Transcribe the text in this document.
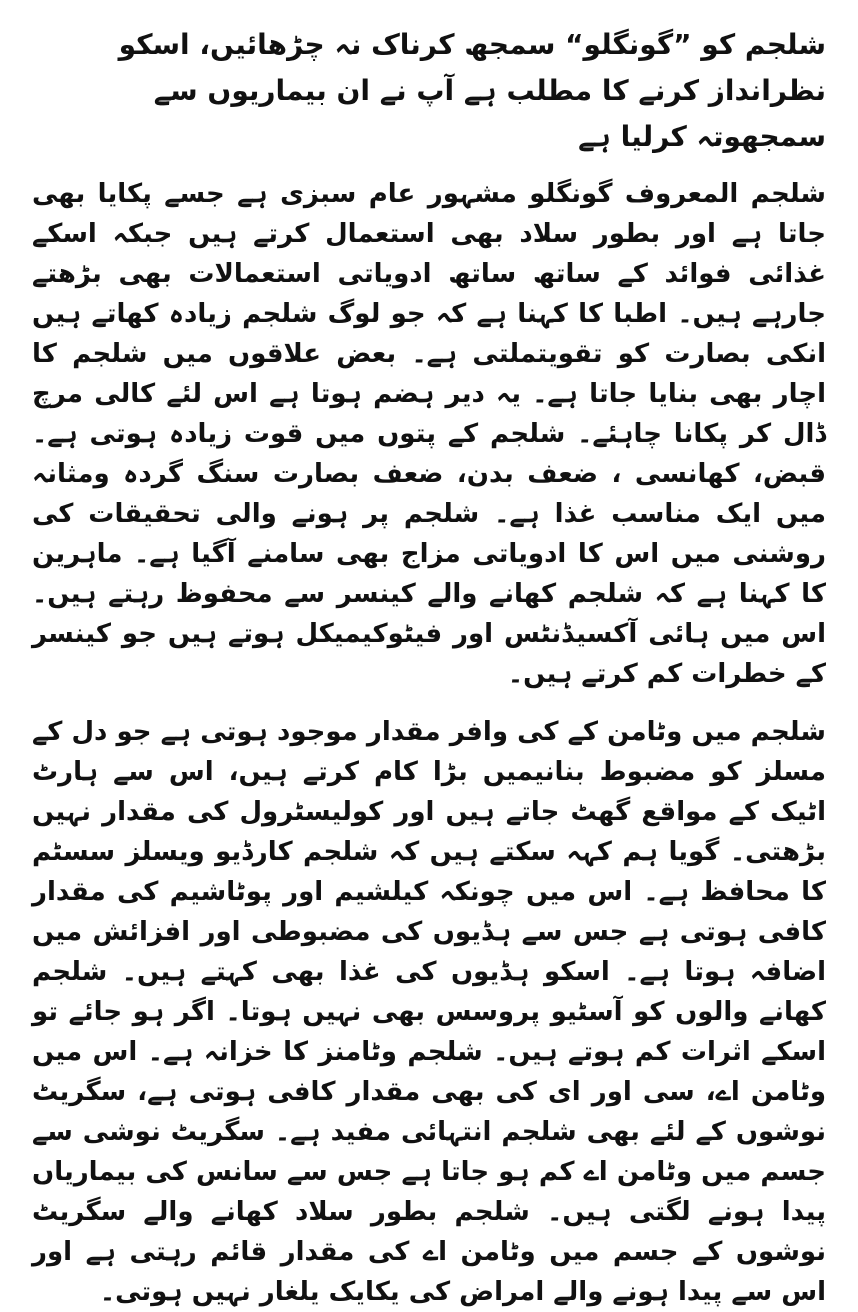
شلجم کو ”گونگلو“ سمجھ کرناک نہ چڑھائیں، اسکو نظرانداز کرنے کا مطلب ہے آپ نے ان بیماریوں سے سمجھوتہ کرلیا ہے

شلجم المعروف گونگلو مشہور عام سبزی ہے جسے پکایا بھی جاتا ہے اور بطور سلاد بھی استعمال کرتے ہیں جبکہ اسکے غذائی فوائد کے ساتھ ساتھ ادویاتی استعمالات بھی بڑھتے جارہے ہیں۔ اطبا کا کہنا ہے کہ جو لوگ شلجم زیادہ کھاتے ہیں انکی بصارت کو تقویتملتی ہے۔ بعض علاقوں میں شلجم کا اچار بھی بنایا جاتا ہے۔ یہ دیر ہضم ہوتا ہے اس لئے کالی مرچ ڈال کر پکانا چاہئے۔ شلجم کے پتوں میں قوت زیادہ ہوتی ہے۔ قبض، کھانسی ، ضعف بدن، ضعف بصارت سنگ گردہ ومثانہ میں ایک مناسب غذا ہے۔ شلجم پر ہونے والی تحقیقات کی روشنی میں اس کا ادویاتی مزاج بھی سامنے آگیا ہے۔ ماہرین کا کہنا ہے کہ شلجم کھانے والے کینسر سے محفوظ رہتے ہیں۔ اس میں ہائی آکسیڈنٹس اور فیٹوکیمیکل ہوتے ہیں جو کینسر کے خطرات کم کرتے ہیں۔

شلجم میں وٹامن کے کی وافر مقدار موجود ہوتی ہے جو دل کے مسلز کو مضبوط بنانیمیں بڑا کام کرتے ہیں، اس سے ہارٹ اٹیک کے مواقع گھٹ جاتے ہیں اور کولیسٹرول کی مقدار نہیں بڑھتی۔ گویا ہم کہہ سکتے ہیں کہ شلجم کارڈیو ویسلز سسٹم کا محافظ ہے۔ اس میں چونکہ کیلشیم اور پوٹاشیم کی مقدار کافی ہوتی ہے جس سے ہڈیوں کی مضبوطی اور افزائش میں اضافہ ہوتا ہے۔ اسکو ہڈیوں کی غذا بھی کہتے ہیں۔ شلجم کھانے والوں کو آسٹیو پروسس بھی نہیں ہوتا۔ اگر ہو جائے تو اسکے اثرات کم ہوتے ہیں۔ شلجم وٹامنز کا خزانہ ہے۔ اس میں وٹامن اے، سی اور ای کی بھی مقدار کافی ہوتی ہے، سگریٹ نوشوں کے لئے بھی شلجم انتہائی مفید ہے۔ سگریٹ نوشی سے جسم میں وٹامن اے کم ہو جاتا ہے جس سے سانس کی بیماریاں پیدا ہونے لگتی ہیں۔ شلجم بطور سلاد کھانے والے سگریٹ نوشوں کے جسم میں وٹامن اے کی مقدار قائم رہتی ہے اور اس سے پیدا ہونے والے امراض کی یکایک یلغار نہیں ہوتی۔
